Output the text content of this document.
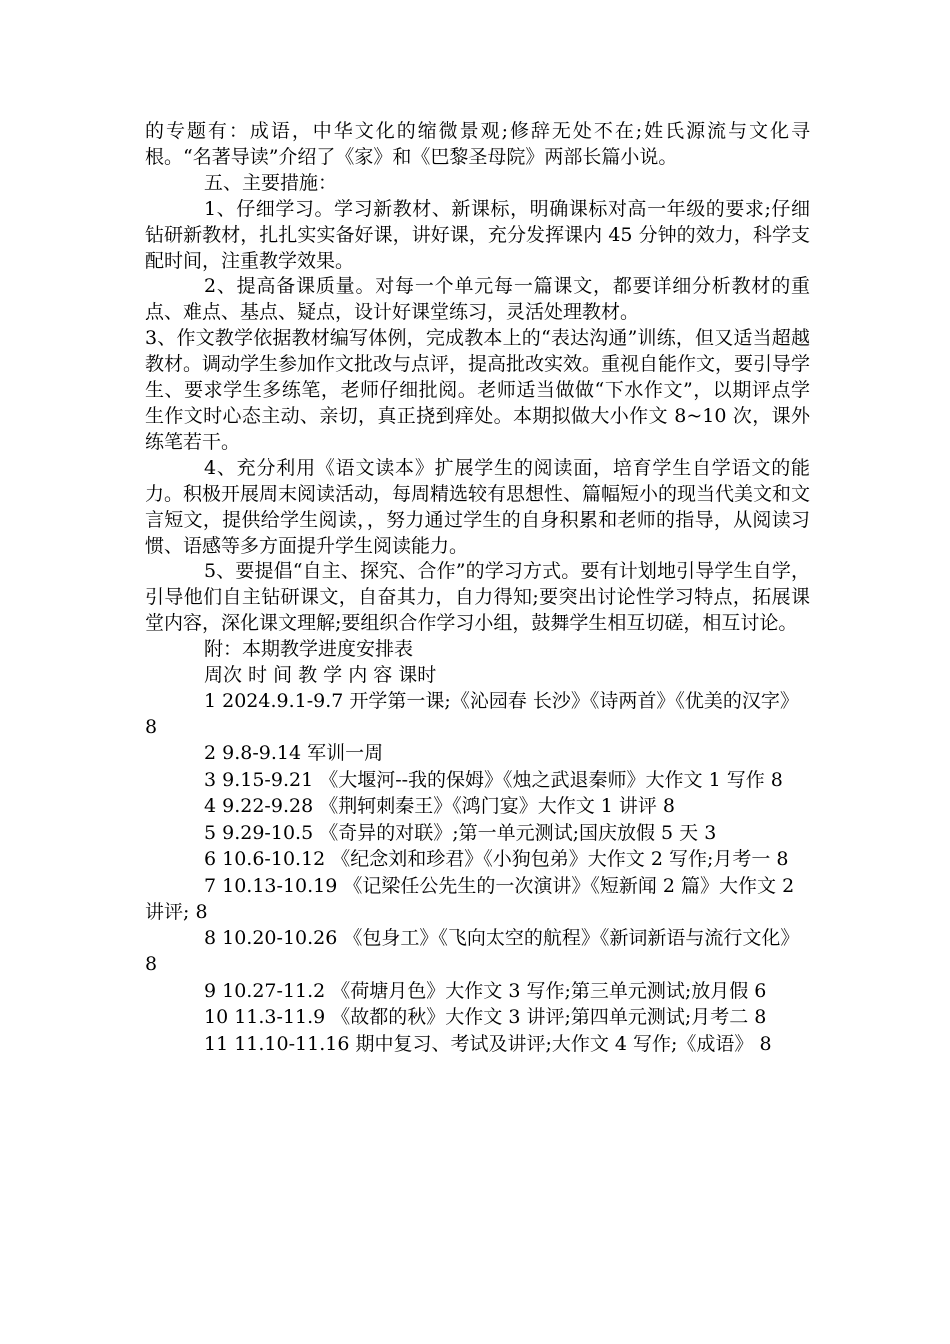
的专题有：成语，中华文化的缩微景观;修辞无处不在;姓氏源流与文化寻根。“名著导读”介绍了《家》和《巴黎圣母院》两部长篇小说。

五、主要措施：

1、仔细学习。学习新教材、新课标，明确课标对高一年级的要求;仔细钻研新教材，扎扎实实备好课，讲好课，充分发挥课内 45 分钟的效力，科学支配时间，注重教学效果。

2、提高备课质量。对每一个单元每一篇课文，都要详细分析教材的重点、难点、基点、疑点，设计好课堂练习，灵活处理教材。

3、作文教学依据教材编写体例，完成教本上的“表达沟通”训练，但又适当超越教材。调动学生参加作文批改与点评，提高批改实效。重视自能作文，要引导学生、要求学生多练笔，老师仔细批阅。老师适当做做“下水作文”，以期评点学生作文时心态主动、亲切，真正挠到痒处。本期拟做大小作文 8~10 次，课外练笔若干。

4、充分利用《语文读本》扩展学生的阅读面，培育学生自学语文的能力。积极开展周末阅读活动，每周精选较有思想性、篇幅短小的现当代美文和文言短文，提供给学生阅读，，努力通过学生的自身积累和老师的指导，从阅读习惯、语感等多方面提升学生阅读能力。

5、要提倡“自主、探究、合作”的学习方式。要有计划地引导学生自学，引导他们自主钻研课文，自奋其力，自力得知;要突出讨论性学习特点，拓展课堂内容，深化课文理解;要组织合作学习小组，鼓舞学生相互切磋，相互讨论。

附：本期教学进度安排表

周次 时 间 教 学 内 容 课时

1 2024.9.1-9.7 开学第一课;《沁园春 长沙》《诗两首》《优美的汉字》 8

2 9.8-9.14 军训一周

3 9.15-9.21 《大堰河--我的保姆》《烛之武退秦师》大作文 1 写作 8

4 9.22-9.28 《荆轲刺秦王》《鸿门宴》大作文 1 讲评 8

5 9.29-10.5 《奇异的对联》;第一单元测试;国庆放假 5 天 3

6 10.6-10.12 《纪念刘和珍君》《小狗包弟》大作文 2 写作;月考一 8

7 10.13-10.19 《记梁任公先生的一次演讲》《短新闻 2 篇》大作文 2 讲评; 8

8 10.20-10.26 《包身工》《飞向太空的航程》《新词新语与流行文化》 8

9 10.27-11.2 《荷塘月色》大作文 3 写作;第三单元测试;放月假 6

10 11.3-11.9 《故都的秋》大作文 3 讲评;第四单元测试;月考二 8

11 11.10-11.16 期中复习、考试及讲评;大作文 4 写作;《成语》 8
